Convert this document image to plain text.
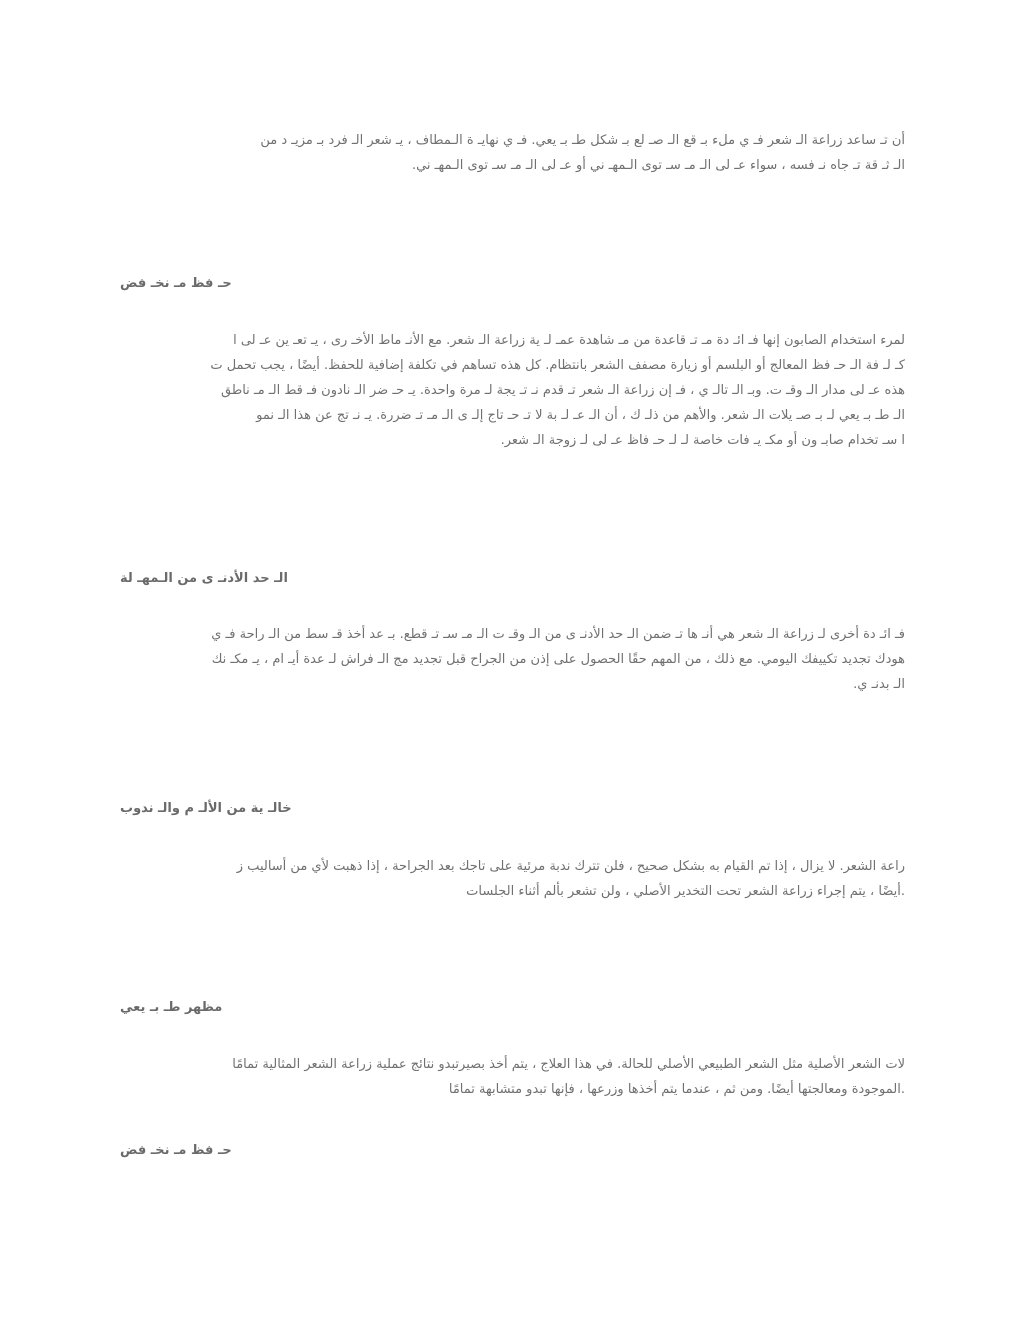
أن تـ ساعد زراعة الـ شعر فـ ي ملء بـ قع الـ صـ لع بـ شكل طـ بـ يعي. فـ ي نهايـ ة الـمطاف ، يـ شعر الـ فرد بـ مزيـ د من
الـ ثـ قة تـ جاه نـ فسه ، سواء عـ لى الـ مـ سـ توى الـمهـ ني أو عـ لى الـ مـ سـ توى الـمهـ ني.
حـ فظ مـ نخـ فض
لمرء استخدام الصابون إنها فـ ائـ دة مـ تـ قاعدة من مـ شاهدة عمـ لـ ية زراعة الـ شعر. مع الأنـ ماط الأخـ رى ، يـ تعـ ين عـ لى ا
كـ لـ فة الـ حـ فظ المعالج أو البلسم أو زيارة مصفف الشعر بانتظام. كل هذه تساهم في تكلفة إضافية للحفظ. أيضًا ، يجب تحمل ت
هذه عـ لى مدار الـ وقـ ت. وبـ الـ تالـ ي ، فـ إن زراعة الـ شعر تـ قدم نـ تـ يجة لـ مرة واحدة. يـ حـ ضر الـ نادون فـ قط الـ مـ ناطق
الـ طـ بـ يعي لـ بـ صـ يلات الـ شعر. والأهم من ذلـ ك ، أن الـ عـ لـ بة لا تـ حـ تاج إلـ ى الـ مـ تـ ضررة. يـ نـ تج عن هذا الـ نمو
ا سـ تخدام صابـ ون أو مكـ يـ فات خاصة لـ لـ حـ فاظ عـ لى لـ زوجة الـ شعر.
الـ حد الأدنـ ى من الـمهـ لة
فـ ائـ دة أخرى لـ زراعة الـ شعر هي أنـ ها تـ ضمن الـ حد الأدنـ ى من الـ وقـ ت الـ مـ سـ تـ قطع. بـ عد أخذ قـ سط من الـ راحة فـ ي
هودك تجديد تكييفك اليومي. مع ذلك ، من المهم حقًا الحصول على إذن من الجراح قبل تجديد مج الـ فراش لـ عدة أيـ ام ، يـ مكـ نك
الـ بدنـ ي.
خالـ ية من الألـ م والـ ندوب
راعة الشعر. لا يزال ، إذا تم القيام به بشكل صحيح ، فلن تترك ندبة مرئية على تاجك بعد الجراحة ، إذا ذهبت لأي من أساليب ز
.أيضًا ، يتم إجراء زراعة الشعر تحت التخدير الأصلي ، ولن تشعر بألم أثناء الجلسات
مظهر طـ بـ يعي
لات الشعر الأصلية مثل الشعر الطبيعي الأصلي للحالة. في هذا العلاج ، يتم أخذ بصيرتبدو نتائج عملية زراعة الشعر المثالية تمامًا
.الموجودة ومعالجتها أيضًا. ومن ثم ، عندما يتم أخذها وزرعها ، فإنها تبدو متشابهة تمامًا
حـ فظ مـ نخـ فض
